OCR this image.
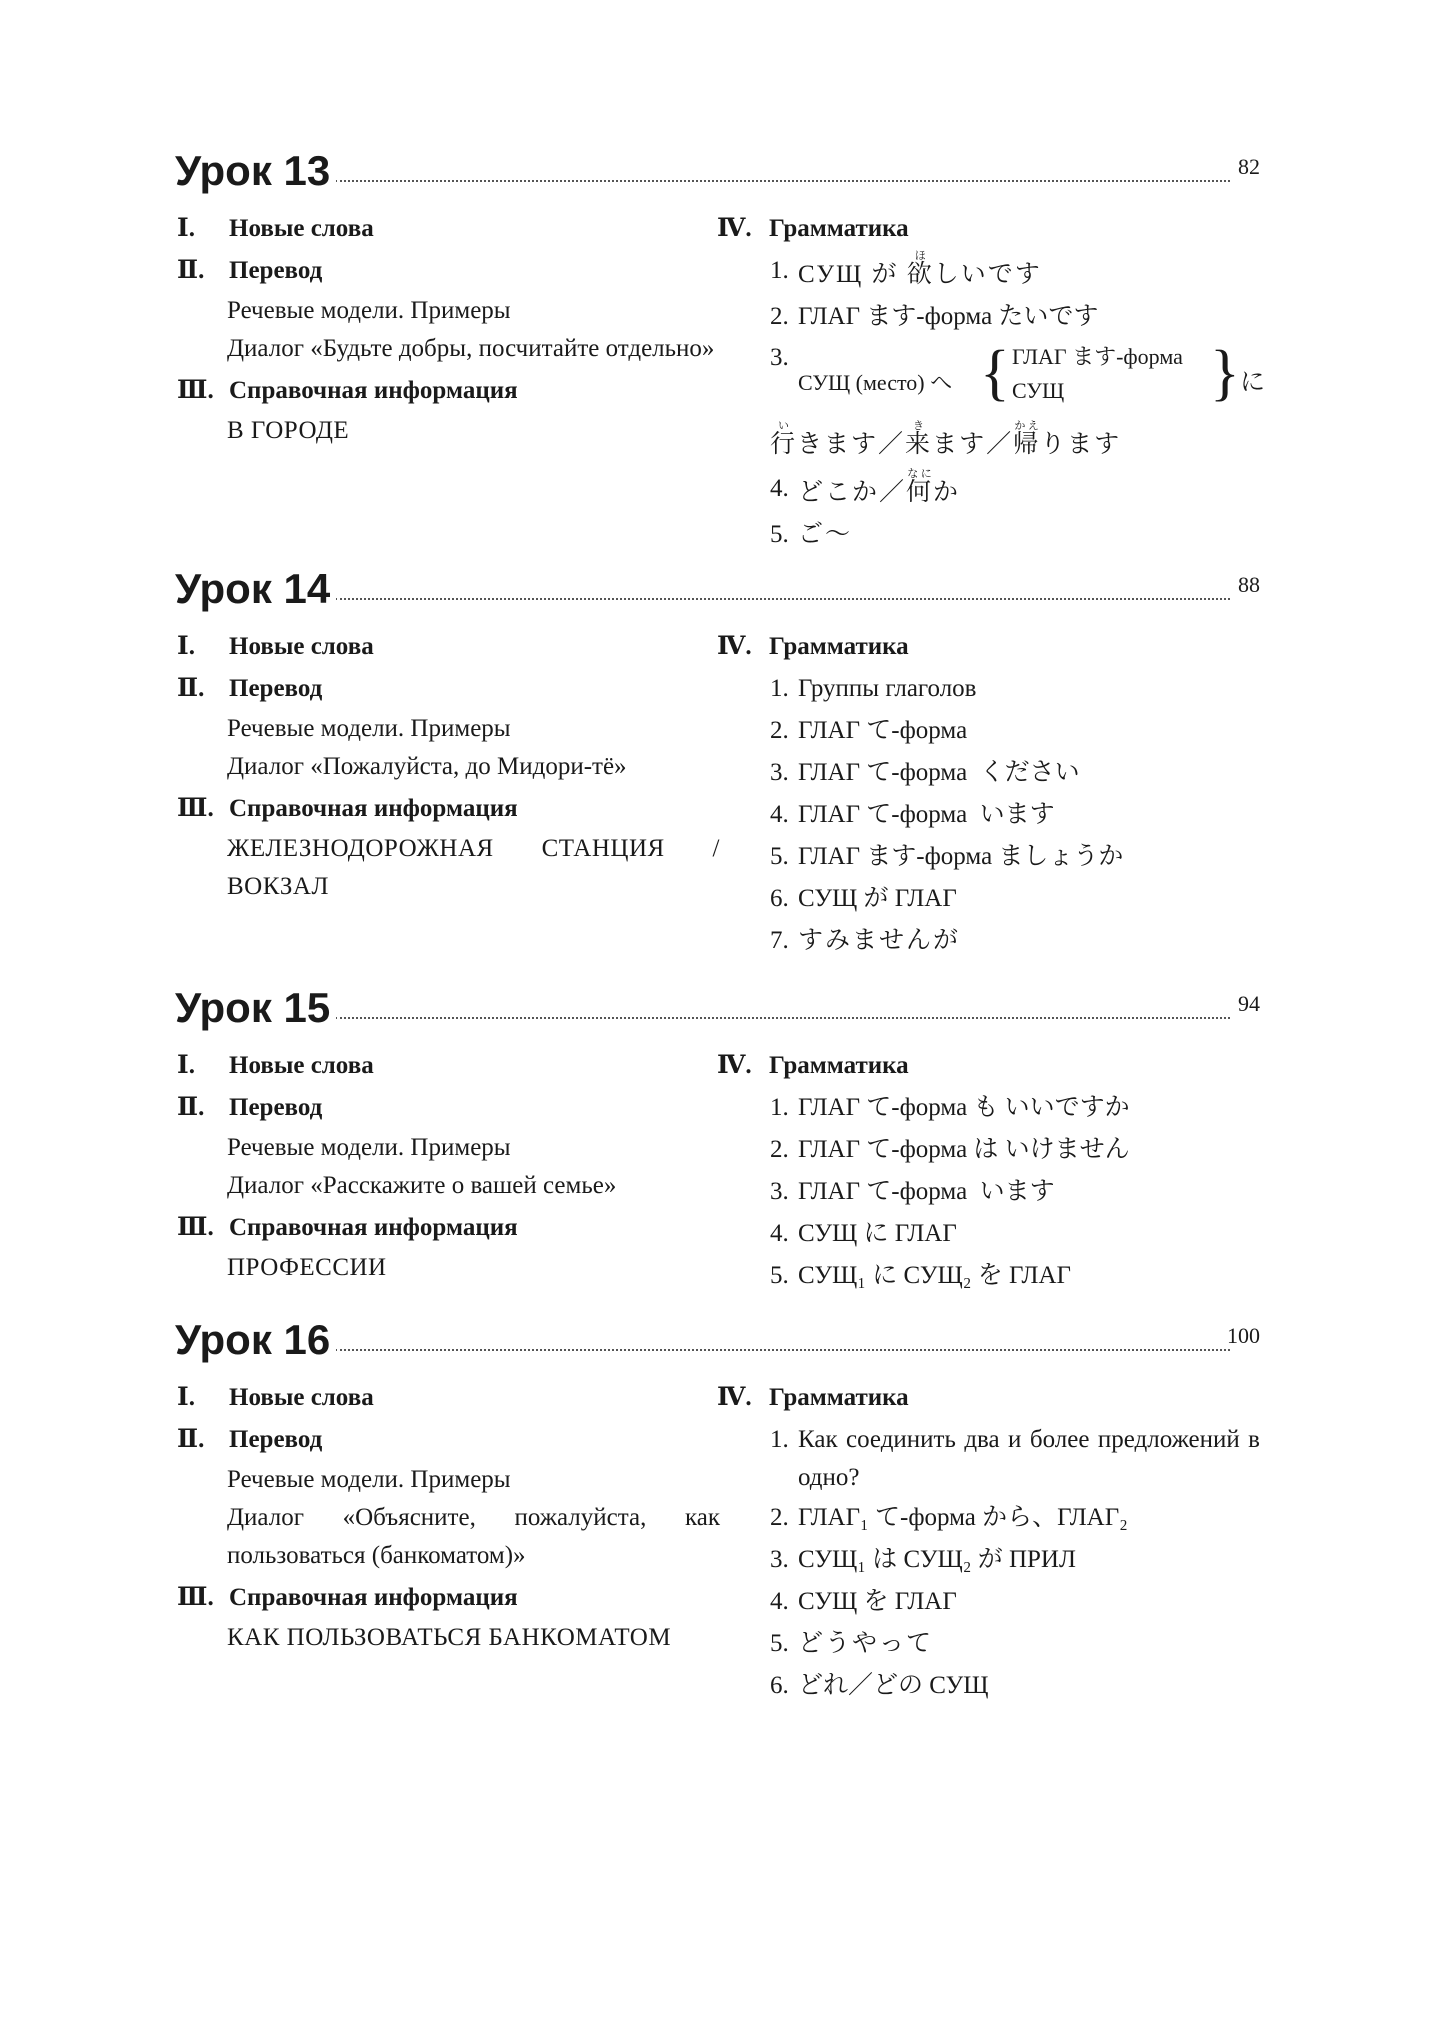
Урок 13	82
Ⅰ.	Новые слова
Ⅱ. Перевод
Речевые модели. Примеры
Диалог «Будьте добры, посчитайте отдельно»
Ⅲ. Справочная информация
В ГОРОДЕ
Ⅳ. Грамматика
1. СУЩ が 欲ほしいです
2. ГЛАГ ます-форма たいです
3.
СУЩ (место) へ { ГЛАГ ます-форма
СУЩ } に
行いきます／来きます／帰かえります
4. どこか／何なにか
5. ご～
Урок 14	88
Ⅰ.	Новые слова
Ⅱ. Перевод
Речевые модели. Примеры
Диалог «Пожалуйста, до Мидори-тё»
Ⅲ. Справочная информация
ЖЕЛЕЗНОДОРОЖНАЯ СТАНЦИЯ / ВОКЗАЛ
Ⅳ. Грамматика
1. Группы глаголов
2. ГЛАГ て-форма
3. ГЛАГ て-форма  ください
4. ГЛАГ て-форма  います
5. ГЛАГ ます-форма ましょうか
6. СУЩ が ГЛАГ
7. すみませんが
Урок 15	94
Ⅰ.	Новые слова
Ⅱ. Перевод
Речевые модели. Примеры
Диалог «Расскажите о вашей семье»
Ⅲ. Справочная информация
ПРОФЕССИИ
Ⅳ. Грамматика
1. ГЛАГ て-форма も いいですか
2. ГЛАГ て-форма は いけません
3. ГЛАГ て-форма  います
4. СУЩ に ГЛАГ
5. СУЩ₁ に СУЩ₂ を ГЛАГ
Урок 16	100
Ⅰ.	Новые слова
Ⅱ. Перевод
Речевые модели. Примеры
Диалог «Объясните, пожалуйста, как пользоваться (банкоматом)»
Ⅲ. Справочная информация
КАК ПОЛЬЗОВАТЬСЯ БАНКОМАТОМ
Ⅳ. Грамматика
1. Как соединить два и более предложений в одно?
2. ГЛАГ₁ て-форма から、ГЛАГ₂
3. СУЩ₁ は СУЩ₂ が ПРИЛ
4. СУЩ を ГЛАГ
5. どうやって
6. どれ／どの СУЩ
